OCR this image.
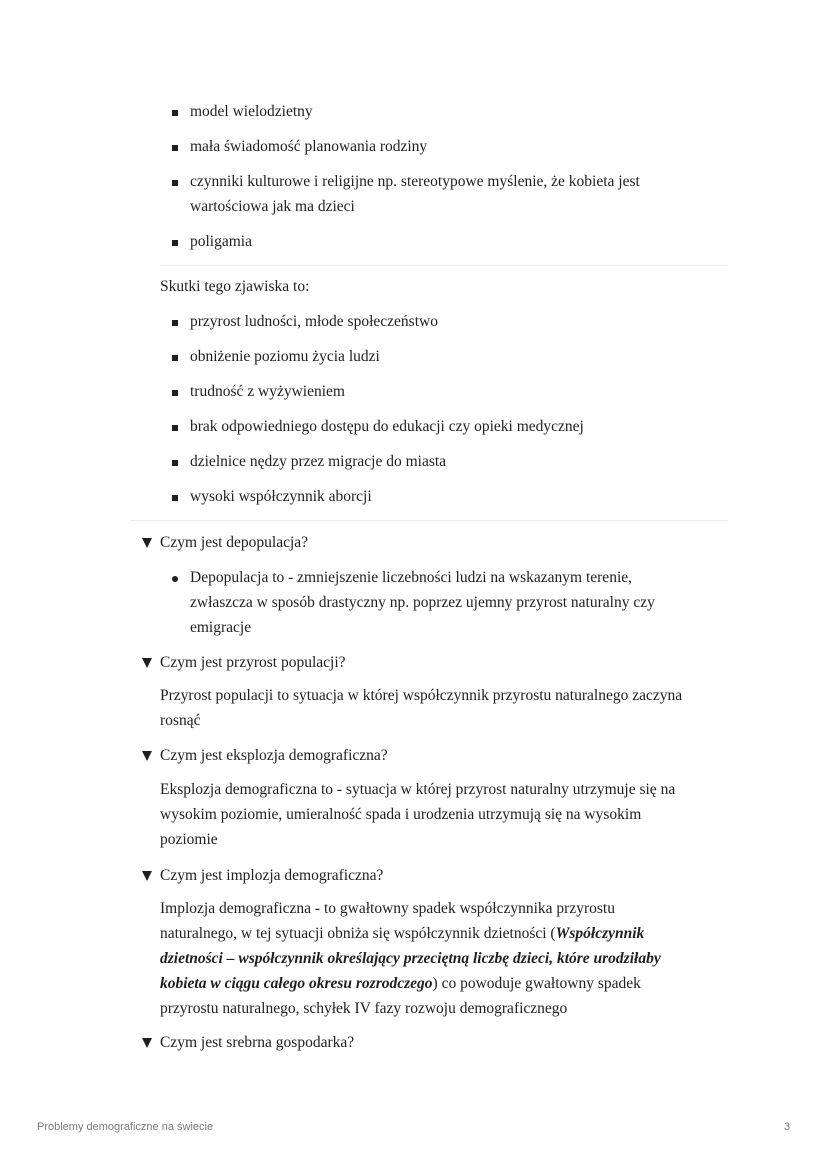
model wielodzietny
mała świadomość planowania rodziny
czynniki kulturowe i religijne np. stereotypowe myślenie, że kobieta jest
wartościowa jak ma dzieci
poligamia
Skutki tego zjawiska to:
przyrost ludności, młode społeczeństwo
obniżenie poziomu życia ludzi
trudność z wyżywieniem
brak odpowiedniego dostępu do edukacji czy opieki medycznej
dzielnice nędzy przez migracje do miasta
wysoki współczynnik aborcji
Czym jest depopulacja?
Depopulacja to - zmniejszenie liczebności ludzi na wskazanym terenie,
zwłaszcza w sposób drastyczny np. poprzez ujemny przyrost naturalny czy
emigracje
Czym jest przyrost populacji?
Przyrost populacji to sytuacja w której współczynnik przyrostu naturalnego zaczyna
rosnąć
Czym jest eksplozja demograficzna?
Eksplozja demograficzna to - sytuacja w której przyrost naturalny utrzymuje się na
wysokim poziomie, umieralność spada i urodzenia utrzymują się na wysokim
poziomie
Czym jest implozja demograficzna?
Implozja demograficzna - to gwałtowny spadek współczynnika przyrostu
naturalnego, w tej sytuacji obniża się współczynnik dzietności (Współczynnik
dzietności – współczynnik określający przeciętną liczbę dzieci, które urodziłaby
kobieta w ciągu całego okresu rozrodczego) co powoduje gwałtowny spadek
przyrostu naturalnego, schyłek IV fazy rozwoju demograficznego
Czym jest srebrna gospodarka?
Problemy demograficzne na świecie	3
